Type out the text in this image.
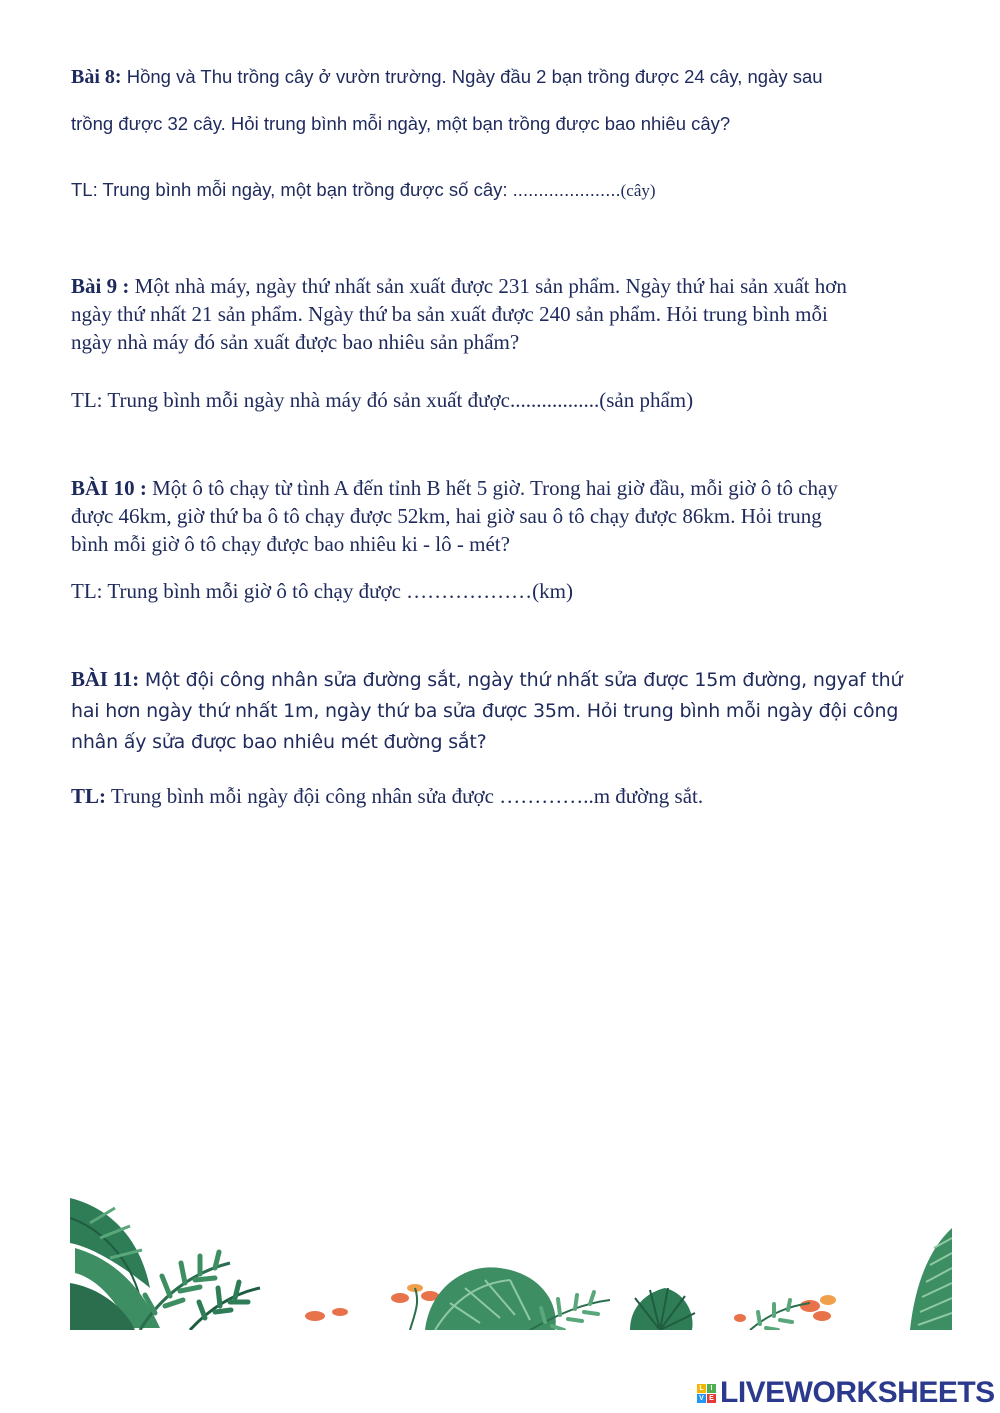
Bài 8: Hồng và Thu trồng cây ở vườn trường. Ngày đầu 2 bạn trồng được 24 cây, ngày sau
trồng được 32 cây. Hỏi trung bình mỗi ngày, một bạn trồng được bao nhiêu cây?
TL: Trung bình mỗi ngày, một bạn trồng được số cây: .....................(cây)
Bài 9 : Một nhà máy, ngày thứ nhất sản xuất được 231 sản phẩm. Ngày thứ hai sản xuất hơn
ngày thứ nhất 21 sản phẩm. Ngày thứ ba sản xuất được 240 sản phẩm. Hỏi trung bình mỗi
ngày nhà máy đó sản xuất được bao nhiêu sản phẩm?
TL: Trung bình mỗi ngày nhà máy đó sản xuất được.................(sản phẩm)
BÀI 10 : Một ô tô chạy từ tình A đến tỉnh B hết 5 giờ. Trong hai giờ đầu, mỗi giờ ô tô chạy
được 46km, giờ thứ ba ô tô chạy được 52km, hai giờ sau ô tô chạy được 86km. Hỏi trung
bình mỗi giờ ô tô chạy được bao nhiêu ki - lô - mét?
TL: Trung bình mỗi giờ ô tô chạy được ………………(km)
BÀI 11: Một đội công nhân sửa đường sắt, ngày thứ nhất sửa được 15m đường, ngyaf thứ
hai hơn ngày thứ nhất 1m, ngày thứ ba sửa được 35m. Hỏi trung bình mỗi ngày đội công
nhân ấy sửa được bao nhiêu mét đường sắt?
TL: Trung bình mỗi ngày đội công nhân sửa được …………..m đường sắt.
L I
V E LIVEWORKSHEETS
